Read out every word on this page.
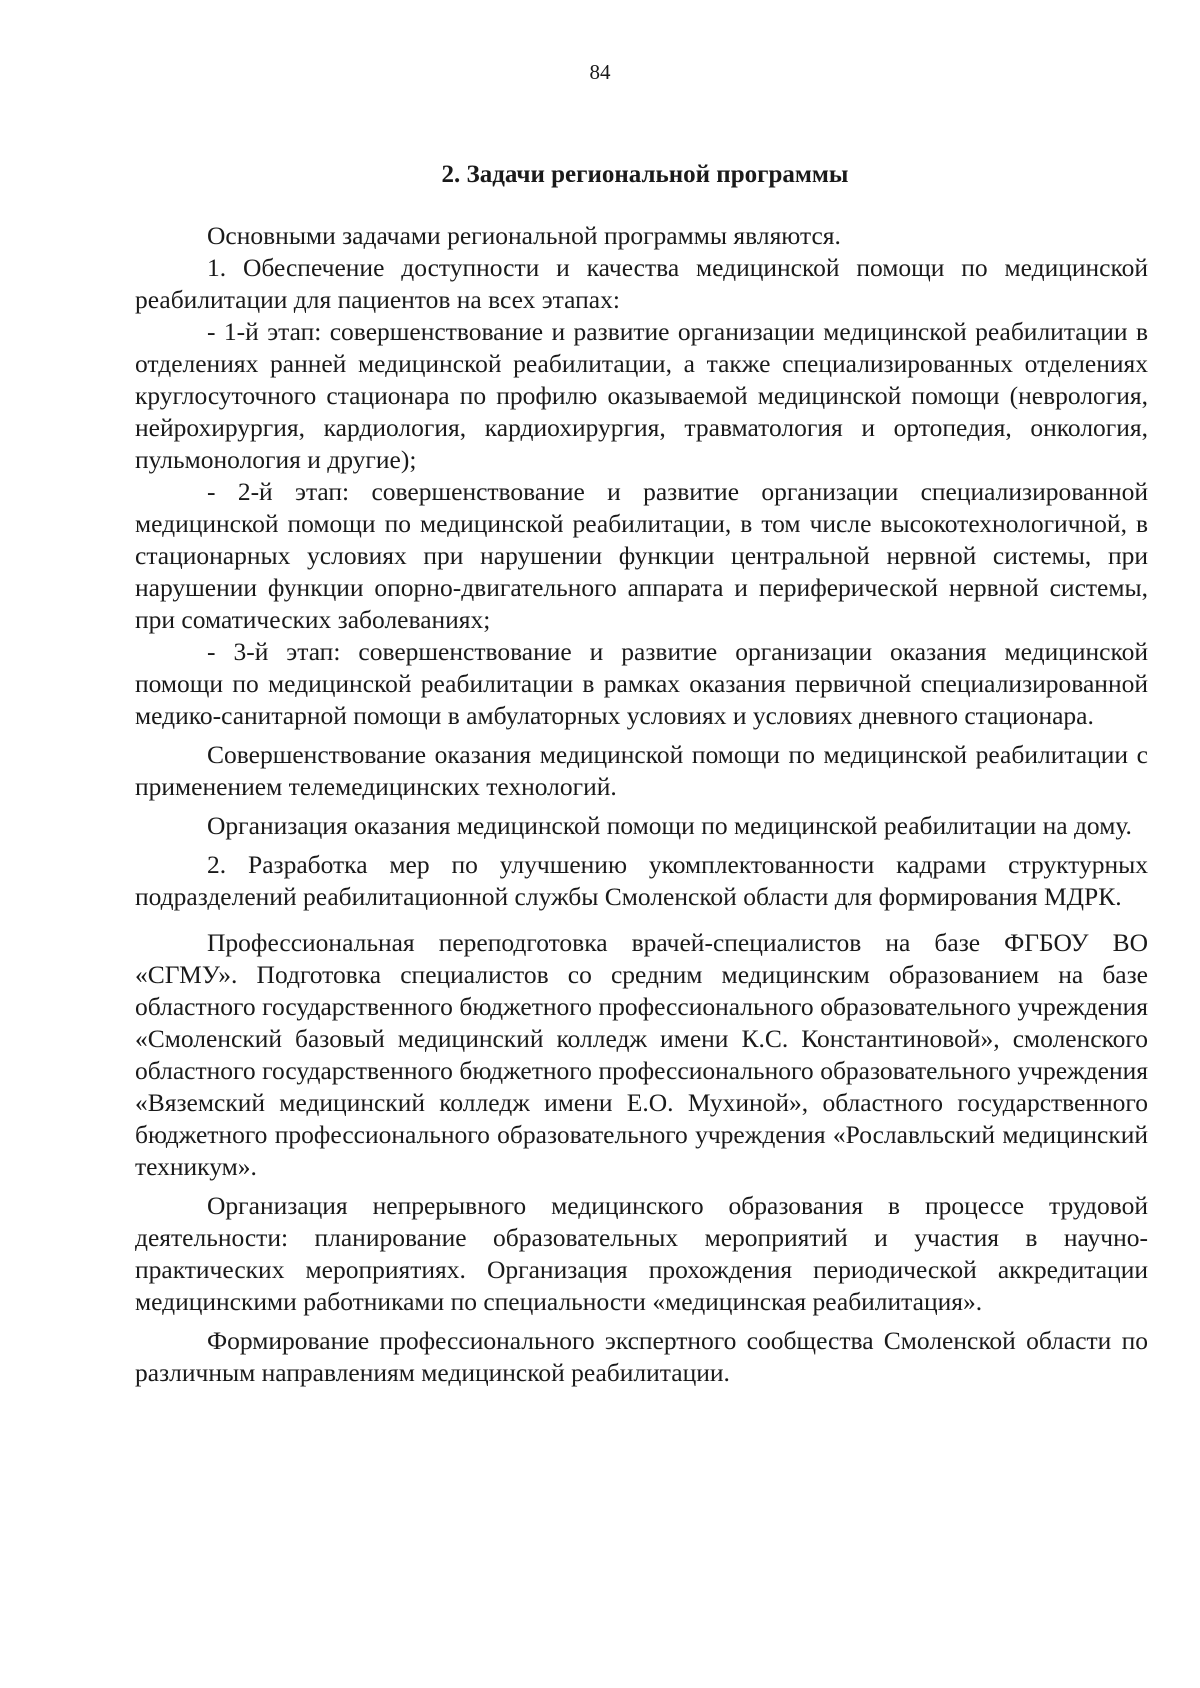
84
2. Задачи региональной программы

Основными задачами региональной программы являются.

1. Обеспечение доступности и качества медицинской помощи по медицинской реабилитации для пациентов на всех этапах:

- 1-й этап: совершенствование и развитие организации медицинской реабилитации в отделениях ранней медицинской реабилитации, а также специализированных отделениях круглосуточного стационара по профилю оказываемой медицинской помощи (неврология, нейрохирургия, кардиология, кардиохирургия, травматология и ортопедия, онкология, пульмонология и другие);

- 2-й этап: совершенствование и развитие организации специализированной медицинской помощи по медицинской реабилитации, в том числе высокотехнологичной, в стационарных условиях при нарушении функции центральной нервной системы, при нарушении функции опорно-двигательного аппарата и периферической нервной системы, при соматических заболеваниях;

- 3-й этап: совершенствование и развитие организации оказания медицинской помощи по медицинской реабилитации в рамках оказания первичной специализированной медико-санитарной помощи в амбулаторных условиях и условиях дневного стационара.

Совершенствование оказания медицинской помощи по медицинской реабилитации с применением телемедицинских технологий.

Организация оказания медицинской помощи по медицинской реабилитации на дому.

2. Разработка мер по улучшению укомплектованности кадрами структурных подразделений реабилитационной службы Смоленской области для формирования МДРК.

Профессиональная переподготовка врачей-специалистов на базе ФГБОУ ВО «СГМУ». Подготовка специалистов со средним медицинским образованием на базе областного государственного бюджетного профессионального образовательного учреждения «Смоленский базовый медицинский колледж имени К.С. Константиновой», смоленского областного государственного бюджетного профессионального образовательного учреждения «Вяземский медицинский колледж имени Е.О. Мухиной», областного государственного бюджетного профессионального образовательного учреждения «Рославльский медицинский техникум».

Организация непрерывного медицинского образования в процессе трудовой деятельности: планирование образовательных мероприятий и участия в научно-практических мероприятиях. Организация прохождения периодической аккредитации медицинскими работниками по специальности «медицинская реабилитация».

Формирование профессионального экспертного сообщества Смоленской области по различным направлениям медицинской реабилитации.
